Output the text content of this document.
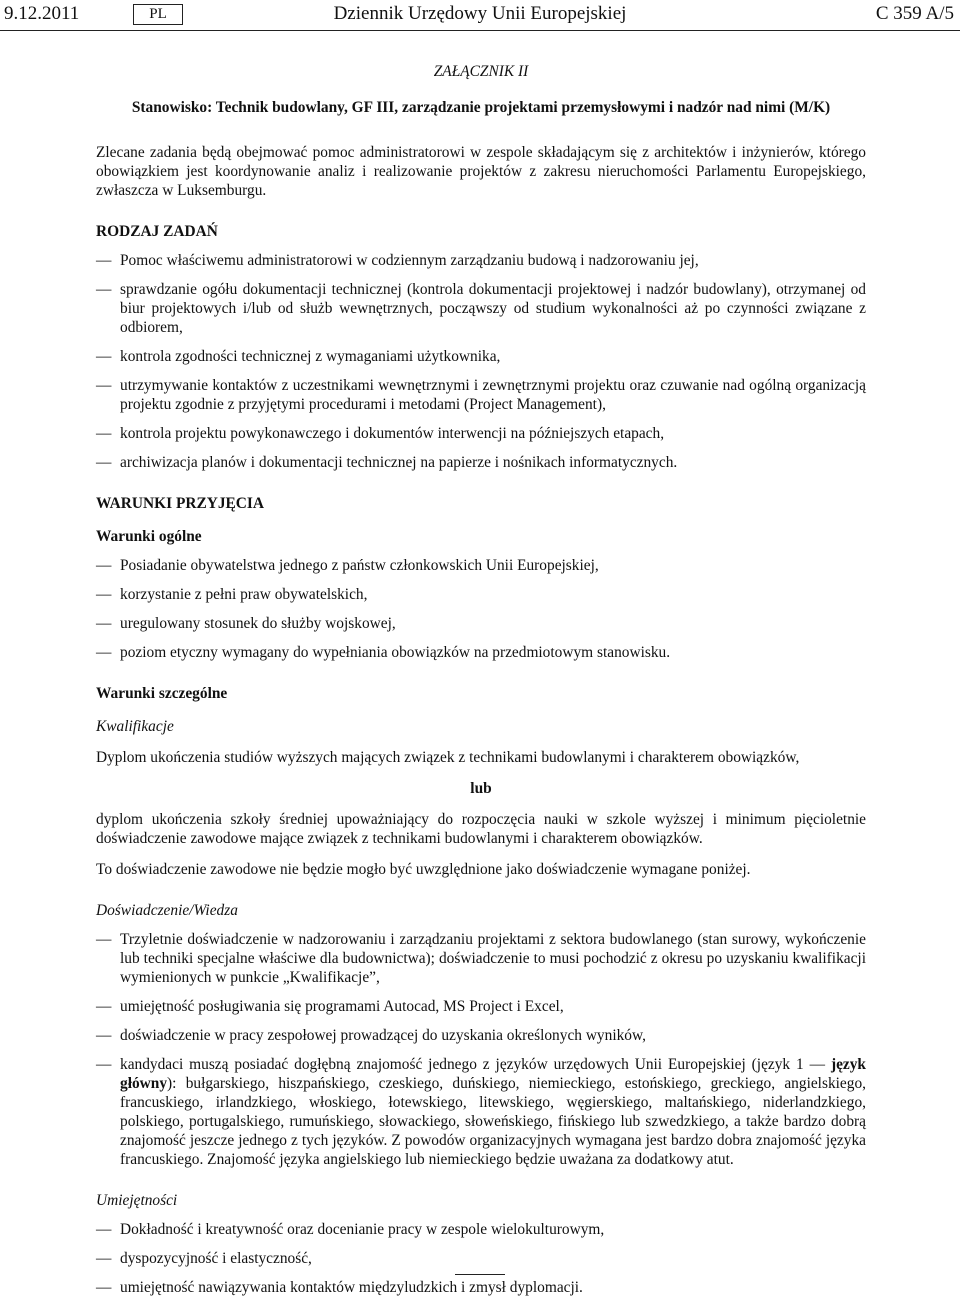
9.12.2011	PL	Dziennik Urzędowy Unii Europejskiej	C 359 A/5
ZAŁĄCZNIK II
Stanowisko: Technik budowlany, GF III, zarządzanie projektami przemysłowymi i nadzór nad nimi (M/K)

Zlecane zadania będą obejmować pomoc administratorowi w zespole składającym się z architektów i inżynierów, którego obowiązkiem jest koordynowanie analiz i realizowanie projektów z zakresu nieruchomości Parlamentu Europejskiego, zwłaszcza w Luksemburgu.

RODZAJ ZADAŃ
— Pomoc właściwemu administratorowi w codziennym zarządzaniu budową i nadzorowaniu jej,
— sprawdzanie ogółu dokumentacji technicznej (kontrola dokumentacji projektowej i nadzór budowlany), otrzymanej od biur projektowych i/lub od służb wewnętrznych, począwszy od studium wykonalności aż po czynności związane z odbiorem,
— kontrola zgodności technicznej z wymaganiami użytkownika,
— utrzymywanie kontaktów z uczestnikami wewnętrznymi i zewnętrznymi projektu oraz czuwanie nad ogólną organizacją projektu zgodnie z przyjętymi procedurami i metodami (Project Management),
— kontrola projektu powykonawczego i dokumentów interwencji na późniejszych etapach,
— archiwizacja planów i dokumentacji technicznej na papierze i nośnikach informatycznych.
WARUNKI PRZYJĘCIA
Warunki ogólne
— Posiadanie obywatelstwa jednego z państw członkowskich Unii Europejskiej,
— korzystanie z pełni praw obywatelskich,
— uregulowany stosunek do służby wojskowej,
— poziom etyczny wymagany do wypełniania obowiązków na przedmiotowym stanowisku.
Warunki szczególne
Kwalifikacje

Dyplom ukończenia studiów wyższych mających związek z technikami budowlanymi i charakterem obowiązków,

lub

dyplom ukończenia szkoły średniej upoważniający do rozpoczęcia nauki w szkole wyższej i minimum pięcioletnie doświadczenie zawodowe mające związek z technikami budowlanymi i charakterem obowiązków.

To doświadczenie zawodowe nie będzie mogło być uwzględnione jako doświadczenie wymagane poniżej.

Doświadczenie/Wiedza
— Trzyletnie doświadczenie w nadzorowaniu i zarządzaniu projektami z sektora budowlanego (stan surowy, wykończenie lub techniki specjalne właściwe dla budownictwa); doświadczenie to musi pochodzić z okresu po uzyskaniu kwalifikacji wymienionych w punkcie „Kwalifikacje”,
— umiejętność posługiwania się programami Autocad, MS Project i Excel,
— doświadczenie w pracy zespołowej prowadzącej do uzyskania określonych wyników,
— kandydaci muszą posiadać dogłębną znajomość jednego z języków urzędowych Unii Europejskiej (język 1 — język główny): bułgarskiego, hiszpańskiego, czeskiego, duńskiego, niemieckiego, estońskiego, greckiego, angielskiego, francuskiego, irlandzkiego, włoskiego, łotewskiego, litewskiego, węgierskiego, maltańskiego, niderlandzkiego, polskiego, portugalskiego, rumuńskiego, słowackiego, słoweńskiego, fińskiego lub szwedzkiego, a także bardzo dobrą znajomość jeszcze jednego z tych języków. Z powodów organizacyjnych wymagana jest bardzo dobra znajomość języka francuskiego. Znajomość języka angielskiego lub niemieckiego będzie uważana za dodatkowy atut.
Umiejętności
— Dokładność i kreatywność oraz docenianie pracy w zespole wielokulturowym,
— dyspozycyjność i elastyczność,
— umiejętność nawiązywania kontaktów międzyludzkich i zmysł dyplomacji.
